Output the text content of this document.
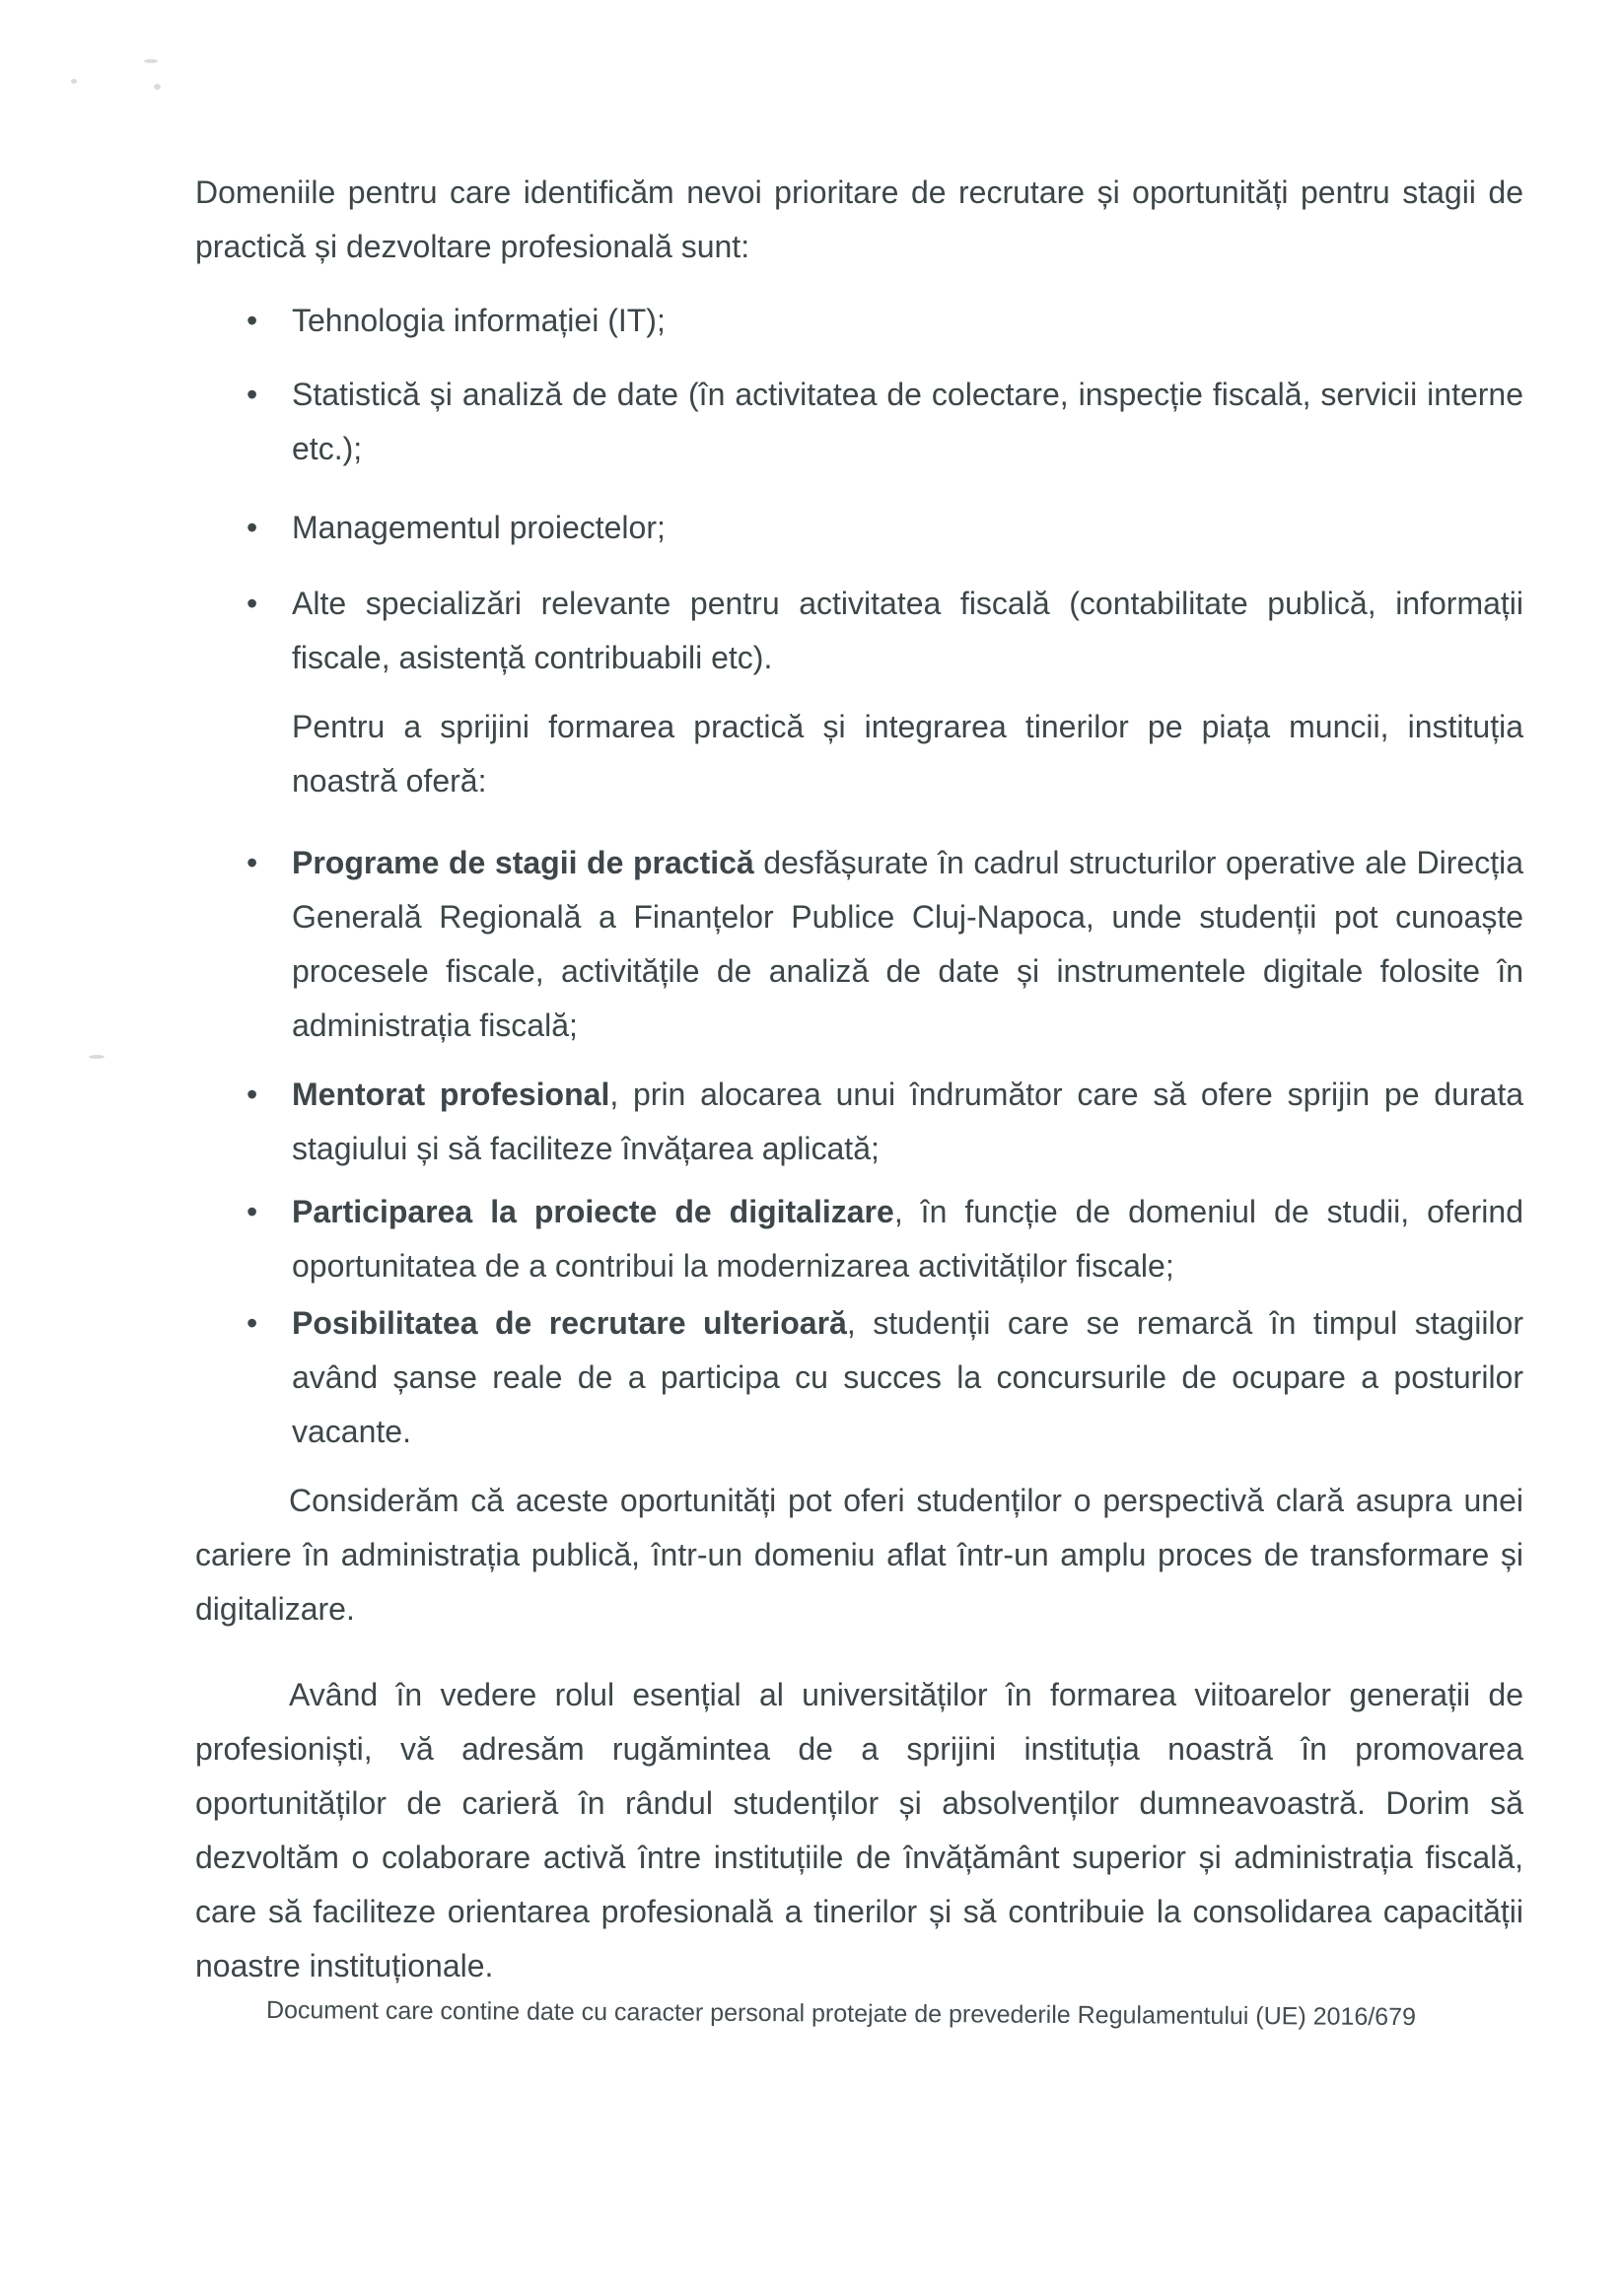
Domeniile pentru care identificăm nevoi prioritare de recrutare și oportunități pentru stagii de practică și dezvoltare profesională sunt:

• Tehnologia informației (IT);
• Statistică și analiză de date (în activitatea de colectare, inspecție fiscală, servicii interne etc.);
• Managementul proiectelor;
• Alte specializări relevante pentru activitatea fiscală (contabilitate publică, informații fiscale, asistență contribuabili etc).

Pentru a sprijini formarea practică și integrarea tinerilor pe piața muncii, instituția noastră oferă:

• Programe de stagii de practică desfășurate în cadrul structurilor operative ale Direcția Generală Regională a Finanțelor Publice Cluj-Napoca, unde studenții pot cunoaște procesele fiscale, activitățile de analiză de date și instrumentele digitale folosite în administrația fiscală;
• Mentorat profesional, prin alocarea unui îndrumător care să ofere sprijin pe durata stagiului și să faciliteze învățarea aplicată;
• Participarea la proiecte de digitalizare, în funcție de domeniul de studii, oferind oportunitatea de a contribui la modernizarea activităților fiscale;
• Posibilitatea de recrutare ulterioară, studenții care se remarcă în timpul stagiilor având șanse reale de a participa cu succes la concursurile de ocupare a posturilor vacante.

Considerăm că aceste oportunități pot oferi studenților o perspectivă clară asupra unei cariere în administrația publică, într-un domeniu aflat într-un amplu proces de transformare și digitalizare.

Având în vedere rolul esențial al universităților în formarea viitoarelor generații de profesioniști, vă adresăm rugămintea de a sprijini instituția noastră în promovarea oportunităților de carieră în rândul studenților și absolvenților dumneavoastră. Dorim să dezvoltăm o colaborare activă între instituțiile de învățământ superior și administrația fiscală, care să faciliteze orientarea profesională a tinerilor și să contribuie la consolidarea capacității noastre instituționale.

Document care contine date cu caracter personal protejate de prevederile Regulamentului (UE) 2016/679
